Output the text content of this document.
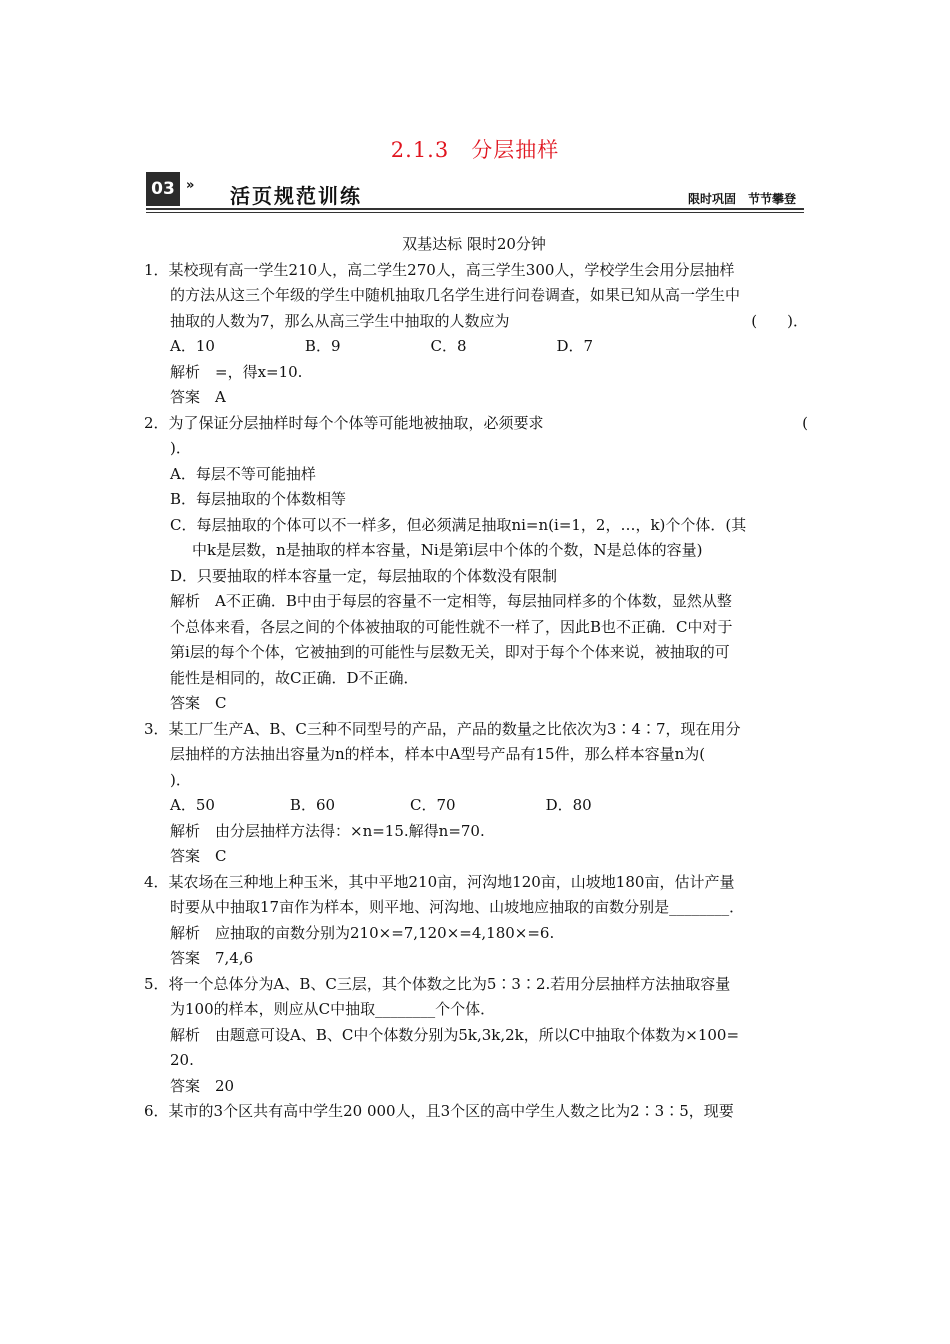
2.1.3　分层抽样
03 » 活页规范训练	限时巩固　节节攀登
双基达标 限时20分钟
1．某校现有高一学生210人，高二学生270人，高三学生300人，学校学生会用分层抽样
的方法从这三个年级的学生中随机抽取几名学生进行问卷调查，如果已知从高一学生中
抽取的人数为7，那么从高三学生中抽取的人数应为	(　　)．
A．10　　　　　　B．9　　　　　　C．8　　　　　　D．7
解析　=，得x=10.
答案　A
2．为了保证分层抽样时每个个体等可能地被抽取，必须要求	(
)．
A．每层不等可能抽样
B．每层抽取的个体数相等
C．每层抽取的个体可以不一样多，但必须满足抽取ni=n(i=1，2，…，k)个个体．(其
中k是层数，n是抽取的样本容量，Ni是第i层中个体的个数，N是总体的容量)
D．只要抽取的样本容量一定，每层抽取的个体数没有限制
解析　A不正确．B中由于每层的容量不一定相等，每层抽同样多的个体数，显然从整
个总体来看，各层之间的个体被抽取的可能性就不一样了，因此B也不正确．C中对于
第i层的每个个体，它被抽到的可能性与层数无关，即对于每个个体来说，被抽取的可
能性是相同的，故C正确．D不正确．
答案　C
3．某工厂生产A、B、C三种不同型号的产品，产品的数量之比依次为3∶4∶7，现在用分
层抽样的方法抽出容量为n的样本，样本中A型号产品有15件，那么样本容量n为(
)．
A．50　　　　　B．60　　　　　C．70　　　　　　D．80
解析　由分层抽样方法得：×n=15.解得n=70.
答案　C
4．某农场在三种地上种玉米，其中平地210亩，河沟地120亩，山坡地180亩，估计产量
时要从中抽取17亩作为样本，则平地、河沟地、山坡地应抽取的亩数分别是________．
解析　应抽取的亩数分别为210×=7,120×=4,180×=6.
答案　7,4,6
5．将一个总体分为A、B、C三层，其个体数之比为5∶3∶2.若用分层抽样方法抽取容量
为100的样本，则应从C中抽取________个个体．
解析　由题意可设A、B、C中个体数分别为5k,3k,2k，所以C中抽取个体数为×100=
20.
答案　20
6．某市的3个区共有高中学生20 000人，且3个区的高中学生人数之比为2∶3∶5，现要
